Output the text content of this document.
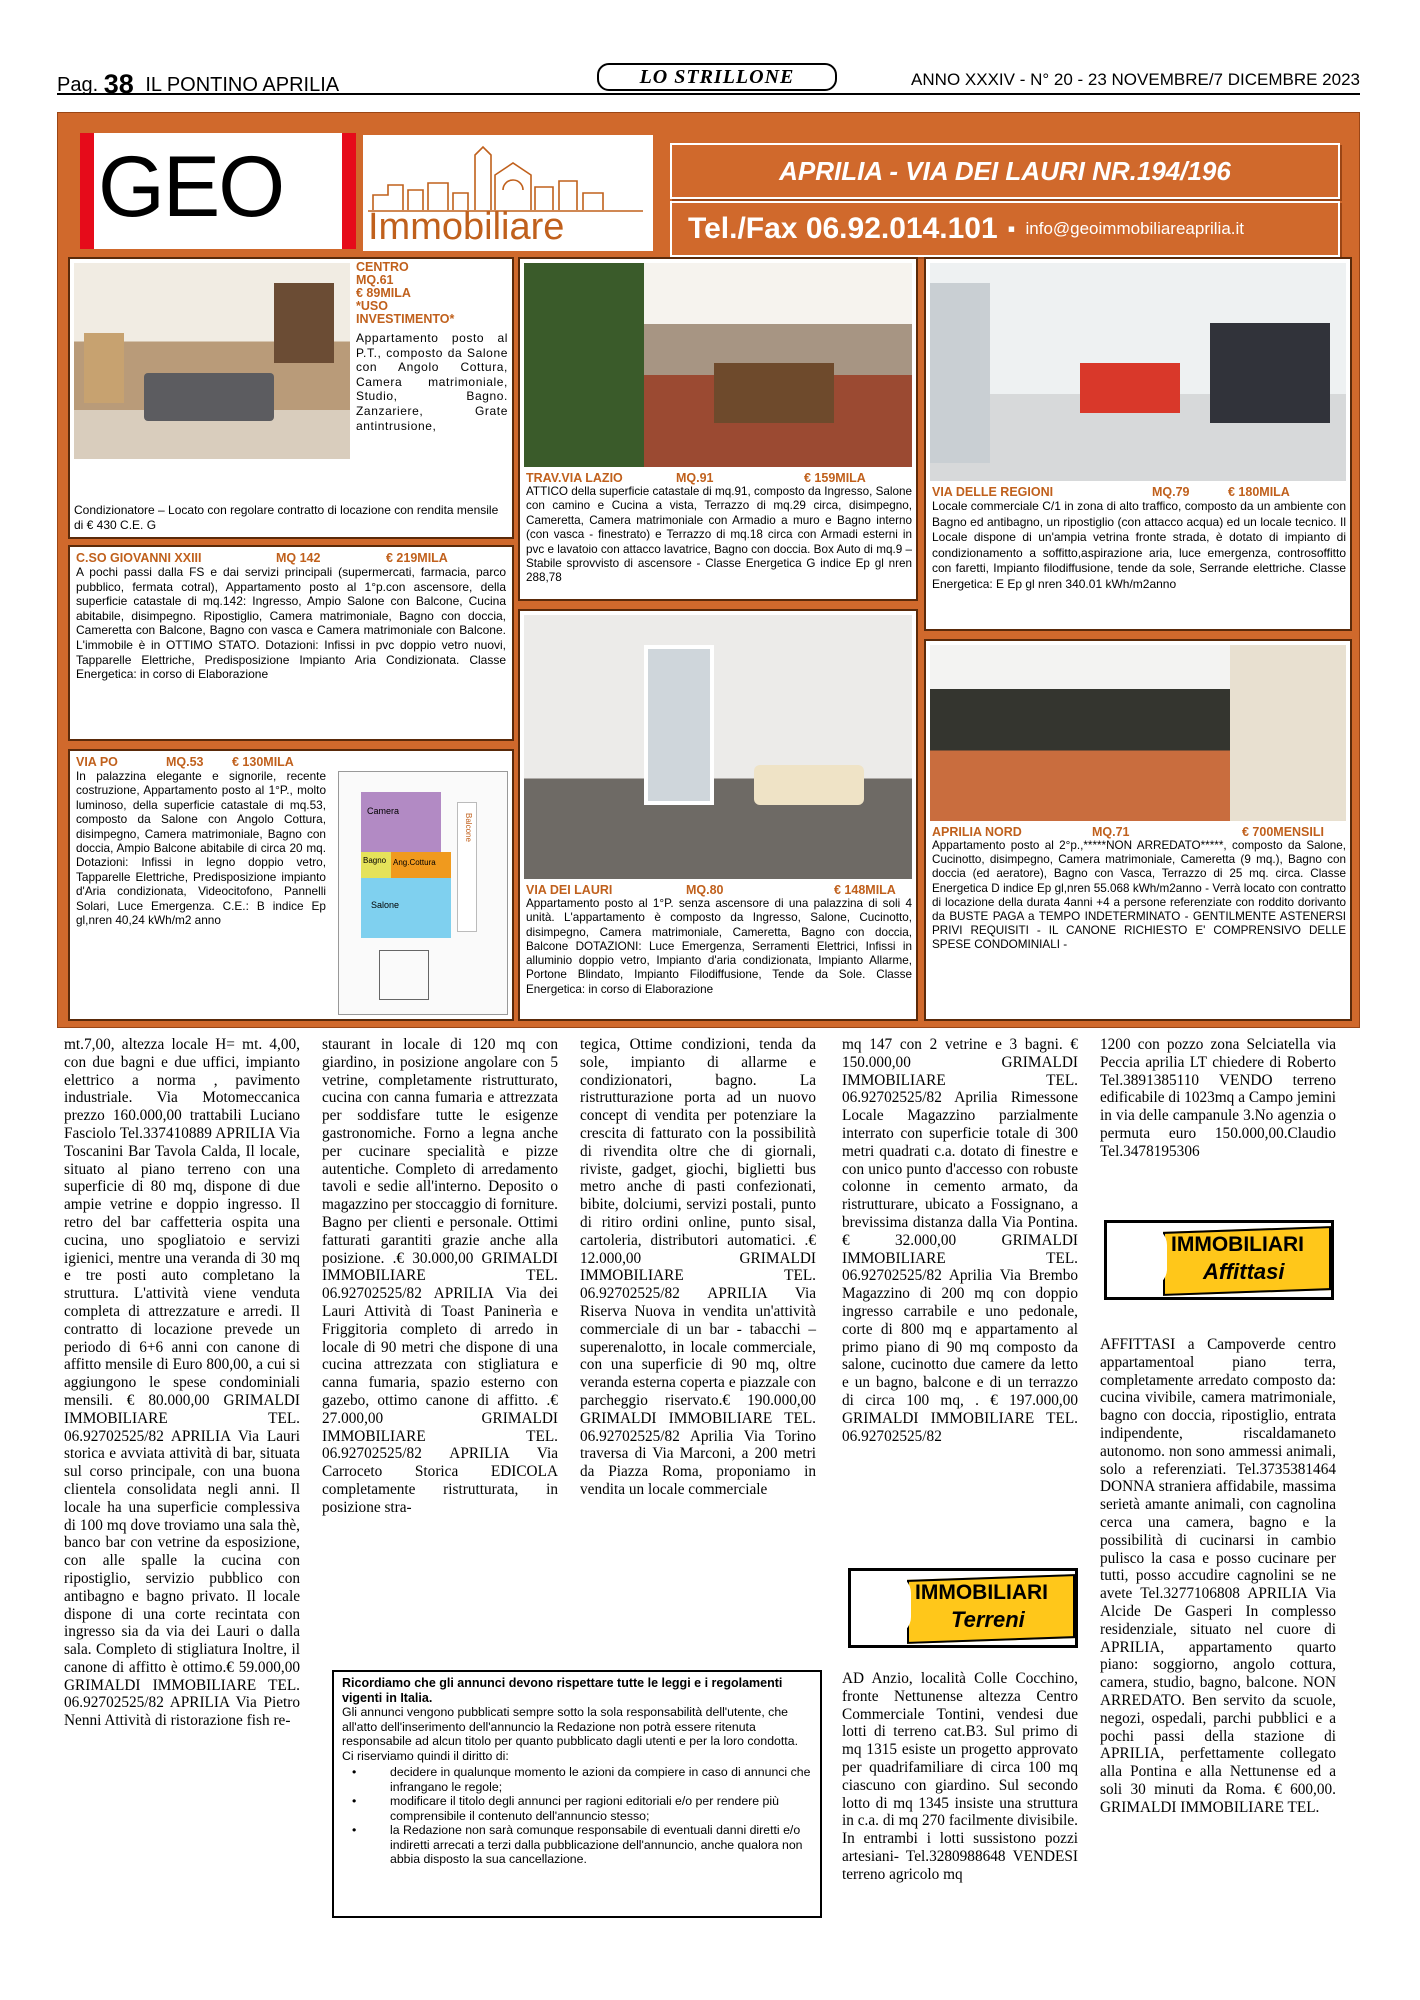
Pag. 38 IL PONTINO APRILIA	LO STRILLONE	ANNO XXXIV - N° 20 - 23 NOVEMBRE/7 DICEMBRE 2023
GEO	Immobiliare
APRILIA - VIA DEI LAURI NR.194/196
Tel./Fax 06.92.014.101 ▪ info@geoimmobiliareaprilia.it
CENTRO
MQ.61
€ 89MILA
*USO
INVESTIMENTO*
Appartamento posto al P.T., composto da Salone con Angolo Cottura, Camera matrimoniale, Studio, Bagno. Zanzariere, Grate antintrusione,
Condizionatore – Locato con regolare contratto di locazione con rendita mensile di € 430 C.E. G
C.SO GIOVANNI XXIII	MQ 142	€ 219MILA
A pochi passi dalla FS e dai servizi principali (supermercati, farmacia, parco pubblico, fermata cotral), Appartamento posto al 1°p.con ascensore, della superficie catastale di mq.142: Ingresso, Ampio Salone con Balcone, Cucina abitabile, disimpegno. Ripostiglio, Camera matrimoniale, Bagno con doccia, Cameretta con Balcone, Bagno con vasca e Camera matrimoniale con Balcone. L'immobile è in OTTIMO STATO. Dotazioni: Infissi in pvc doppio vetro nuovi, Tapparelle Elettriche, Predisposizione Impianto Aria Condizionata. Classe Energetica: in corso di Elaborazione
VIA PO	MQ.53	€ 130MILA
In palazzina elegante e signorile, recente costruzione, Appartamento posto al 1°P., molto luminoso, della superficie catastale di mq.53, composto da Salone con Angolo Cottura, disimpegno, Camera matrimoniale, Bagno con doccia, Ampio Balcone abitabile di circa 20 mq. Dotazioni: Infissi in legno doppio vetro, Tapparelle Elettriche, Predisposizione impianto d'Aria condizionata, Videocitofono, Pannelli Solari, Luce Emergenza. C.E.: B indice Ep gl,nren 40,24 kWh/m2 anno
Camera
Bagno Ang.Cottura
Salone
Balcone
TRAV.VIA LAZIO	MQ.91	€ 159MILA
ATTICO della superficie catastale di mq.91, composto da Ingresso, Salone con camino e Cucina a vista, Terrazzo di mq.29 circa, disimpegno, Cameretta, Camera matrimoniale con Armadio a muro e Bagno interno (con vasca - finestrato) e Terrazzo di mq.18 circa con Armadi esterni in pvc e lavatoio con attacco lavatrice, Bagno con doccia. Box Auto di mq.9 – Stabile sprovvisto di ascensore - Classe Energetica G indice Ep gl nren 288,78
VIA DEI LAURI	MQ.80	€ 148MILA
Appartamento posto al 1°P. senza ascensore di una palazzina di soli 4 unità. L'appartamento è composto da Ingresso, Salone, Cucinotto, disimpegno, Camera matrimoniale, Cameretta, Bagno con doccia, Balcone DOTAZIONI: Luce Emergenza, Serramenti Elettrici, Infissi in alluminio doppio vetro, Impianto d'aria condizionata, Impianto Allarme, Portone Blindato, Impianto Filodiffusione, Tende da Sole. Classe Energetica: in corso di Elaborazione
VIA DELLE REGIONI	MQ.79	€ 180MILA
Locale commerciale C/1 in zona di alto traffico, composto da un ambiente con Bagno ed antibagno, un ripostiglio (con attacco acqua) ed un locale tecnico. Il Locale dispone di un'ampia vetrina fronte strada, è dotato di impianto di condizionamento a soffitto,aspirazione aria, luce emergenza, controsoffitto con faretti, Impianto filodiffusione, tende da sole, Serrande elettriche. Classe Energetica: E Ep gl nren 340.01 kWh/m2anno
APRILIA NORD	MQ.71	€ 700MENSILI
Appartamento posto al 2°p.,*****NON ARREDATO*****, composto da Salone, Cucinotto, disimpegno, Camera matrimoniale, Cameretta (9 mq.), Bagno con doccia (ed aeratore), Bagno con Vasca, Terrazzo di 25 mq. circa. Classe Energetica D indice Ep gl,nren 55.068 kWh/m2anno - Verrà locato con contratto di locazione della durata 4anni +4 a persone referenziate con roddito dorivanto da BUSTE PAGA a TEMPO INDETERMINATO - GENTILMENTE ASTENERSI PRIVI REQUISITI - IL CANONE RICHIESTO E' COMPRENSIVO DELLE SPESE CONDOMINIALI -
mt.7,00, altezza locale H= mt. 4,00, con due bagni e due uffici, impianto elettrico a norma , pavimento industriale. Via Motomeccanica prezzo 160.000,00 trattabili Luciano Fasciolo Tel.337410889 APRILIA Via Toscanini Bar Tavola Calda, Il locale, situato al piano terreno con una superficie di 80 mq, dispone di due ampie vetrine e doppio ingresso. Il retro del bar caffetteria ospita una cucina, uno spogliatoio e servizi igienici, mentre una veranda di 30 mq e tre posti auto completano la struttura. L'attività viene venduta completa di attrezzature e arredi. Il contratto di locazione prevede un periodo di 6+6 anni con canone di affitto mensile di Euro 800,00, a cui si aggiungono le spese condominiali mensili. € 80.000,00 GRIMALDI IMMOBILIARE TEL. 06.92702525/82 APRILIA Via Lauri storica e avviata attività di bar, situata sul corso principale, con una buona clientela consolidata negli anni. Il locale ha una superficie complessiva di 100 mq dove troviamo una sala thè, banco bar con vetrine da esposizione, con alle spalle la cucina con ripostiglio, servizio pubblico con antibagno e bagno privato. Il locale dispone di una corte recintata con ingresso sia da via dei Lauri o dalla sala. Completo di stigliatura Inoltre, il canone di affitto è ottimo.€ 59.000,00 GRIMALDI IMMOBILIARE TEL. 06.92702525/82 APRILIA Via Pietro Nenni Attività di ristorazione fish re-
staurant in locale di 120 mq con giardino, in posizione angolare con 5 vetrine, completamente ristrutturato, cucina con canna fumaria e attrezzata per soddisfare tutte le esigenze gastronomiche. Forno a legna anche per cucinare specialità e pizze autentiche. Completo di arredamento tavoli e sedie all'interno. Deposito o magazzino per stoccaggio di forniture. Bagno per clienti e personale. Ottimi fatturati garantiti grazie anche alla posizione. .€ 30.000,00 GRIMALDI IMMOBILIARE TEL. 06.92702525/82 APRILIA Via dei Lauri Attività di Toast Paninerìa e Friggitoria completo di arredo in locale di 90 metri che dispone di una cucina attrezzata con stigliatura e canna fumaria, spazio esterno con gazebo, ottimo canone di affitto. .€ 27.000,00 GRIMALDI IMMOBILIARE TEL. 06.92702525/82 APRILIA Via Carroceto Storica EDICOLA completamente ristrutturata, in posizione stra-
tegica, Ottime condizioni, tenda da sole, impianto di allarme e condizionatori, bagno. La ristrutturazione porta ad un nuovo concept di vendita per potenziare la crescita di fatturato con la possibilità di rivendita oltre che di giornali, riviste, gadget, giochi, biglietti bus metro anche di pasti confezionati, bibite, dolciumi, servizi postali, punto di ritiro ordini online, punto sisal, cartoleria, distributori automatici. .€ 12.000,00 GRIMALDI IMMOBILIARE TEL. 06.92702525/82 APRILIA Via Riserva Nuova in vendita un'attività commerciale di un bar - tabacchi – superenalotto, in locale commerciale, con una superficie di 90 mq, oltre veranda esterna coperta e piazzale con parcheggio riservato.€ 190.000,00 GRIMALDI IMMOBILIARE TEL. 06.92702525/82 Aprilia Via Torino traversa di Via Marconi, a 200 metri da Piazza Roma, proponiamo in vendita un locale commerciale
mq 147 con 2 vetrine e 3 bagni. € 150.000,00 GRIMALDI IMMOBILIARE TEL. 06.92702525/82 Aprilia Rimessone Locale Magazzino parzialmente interrato con superficie totale di 300 metri quadrati c.a. dotato di finestre e con unico punto d'accesso con robuste colonne in cemento armato, da ristrutturare, ubicato a Fossignano, a brevissima distanza dalla Via Pontina. € 32.000,00 GRIMALDI IMMOBILIARE TEL. 06.92702525/82 Aprilia Via Brembo Magazzino di 200 mq con doppio ingresso carrabile e uno pedonale, corte di 800 mq e appartamento al primo piano di 90 mq composto da salone, cucinotto due camere da letto e un bagno, balcone e di un terrazzo di circa 100 mq, . € 197.000,00 GRIMALDI IMMOBILIARE TEL. 06.92702525/82
AD Anzio, località Colle Cocchino, fronte Nettunense altezza Centro Commerciale Tontini, vendesi due lotti di terreno cat.B3. Sul primo di mq 1315 esiste un progetto approvato per quadrifamiliare di circa 100 mq ciascuno con giardino. Sul secondo lotto di mq 1345 insiste una struttura in c.a. di mq 270 facilmente divisibile. In entrambi i lotti sussistono pozzi artesiani- Tel.3280988648 VENDESI terreno agricolo mq
1200 con pozzo zona Selciatella via Peccia aprilia LT chiedere di Roberto Tel.3891385110 VENDO terreno edificabile di 1023mq a Campo jemini in via delle campanule 3.No agenzia o permuta euro 150.000,00.Claudio Tel.3478195306
AFFITTASI a Campoverde centro appartamentoal piano terra, completamente arredato composto da: cucina vivibile, camera matrimoniale, bagno con doccia, ripostiglio, entrata indipendente, riscaldamaneto autonomo. non sono ammessi animali, solo a referenziati. Tel.3735381464 DONNA straniera affidabile, massima serietà amante animali, con cagnolina cerca una camera, bagno e la possibilità di cucinarsi in cambio pulisco la casa e posso cucinare per tutti, posso accudire cagnolini se ne avete Tel.3277106808 APRILIA Via Alcide De Gasperi In complesso residenziale, situato nel cuore di APRILIA, appartamento quarto piano: soggiorno, angolo cottura, camera, studio, bagno, balcone. NON ARREDATO. Ben servito da scuole, negozi, ospedali, parchi pubblici e a pochi passi della stazione di APRILIA, perfettamente collegato alla Pontina e alla Nettunense ed a soli 30 minuti da Roma. € 600,00. GRIMALDI IMMOBILIARE TEL.
IMMOBILIARI
Affittasi
IMMOBILIARI
Terreni
Ricordiamo che gli annunci devono rispettare tutte le leggi e i regolamenti vigenti in Italia.
Gli annunci vengono pubblicati sempre sotto la sola responsabilità dell'utente, che all'atto dell'inserimento dell'annuncio la Redazione non potrà essere ritenuta responsabile ad alcun titolo per quanto pubblicato dagli utenti e per la loro condotta.
Ci riserviamo quindi il diritto di:
• decidere in qualunque momento le azioni da compiere in caso di annunci che infrangano le regole;
• modificare il titolo degli annunci per ragioni editoriali e/o per rendere più comprensibile il contenuto dell'annuncio stesso;
• la Redazione non sarà comunque responsabile di eventuali danni diretti e/o indiretti arrecati a terzi dalla pubblicazione dell'annuncio, anche qualora non abbia disposto la sua cancellazione.
